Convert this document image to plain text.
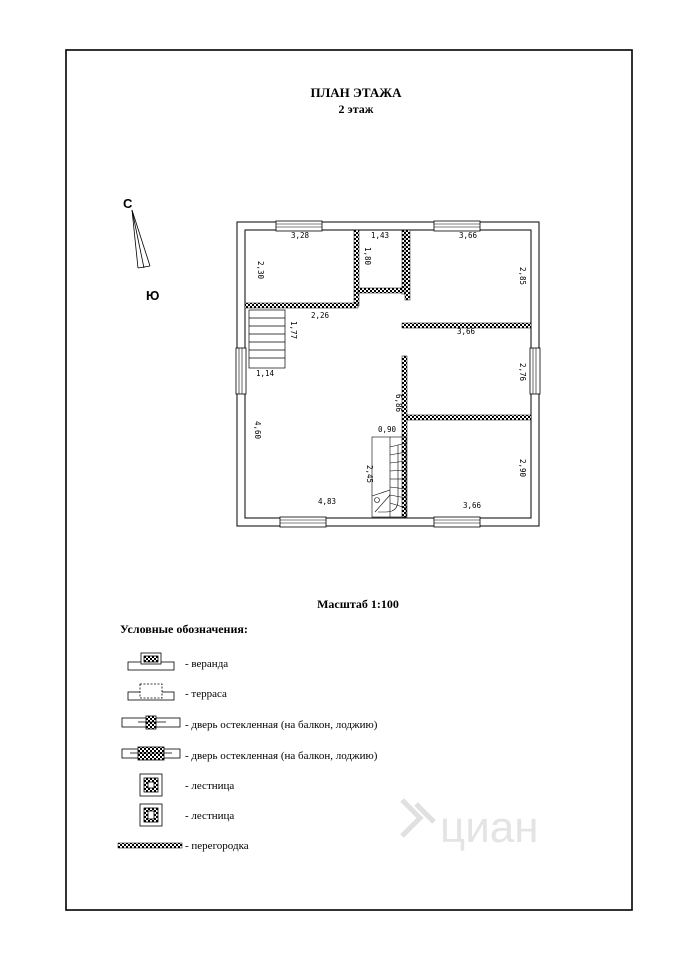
циан
ПЛАН ЭТАЖА
2 этаж
С
Ю
3,28
2,30
1,43
1,80
3,66
2,85
2,26
1,77
1,14
3,66
2,76
6,86
0,90
4,60
2,45
4,83
2,90
3,66
Масштаб 1:100
Условные обозначения:
- веранда
- терраса
- дверь остекленная (на балкон, лоджию)
- дверь остекленная (на балкон, лоджию)
- лестница
- лестница
- перегородка
